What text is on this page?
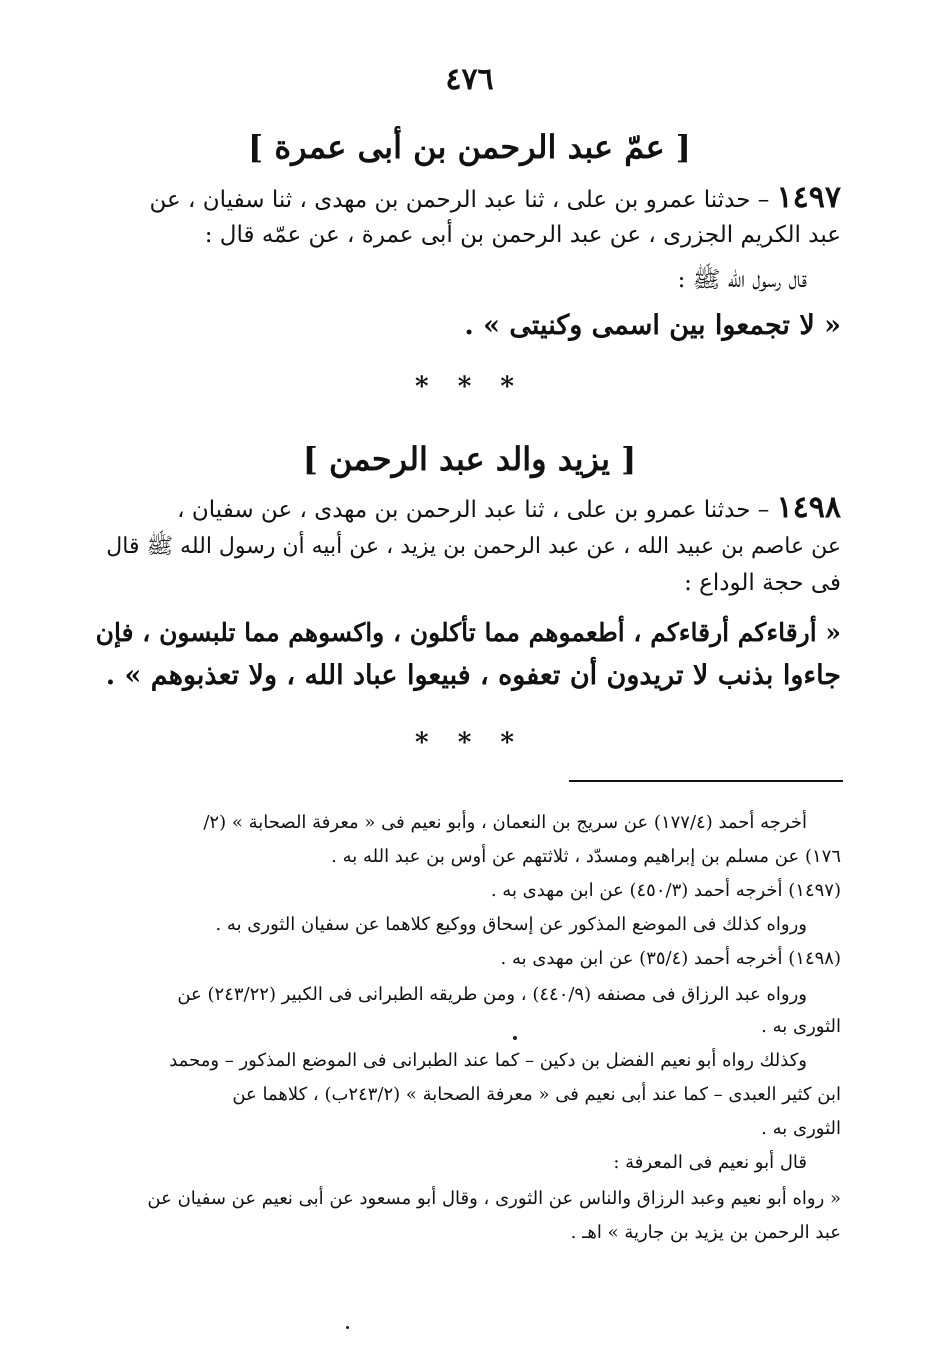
٤٧٦
[ عمّ عبد الرحمن بن أبى عمرة ]
١٤٩٧ – حدثنا عمرو بن على ، ثنا عبد الرحمن بن مهدى ، ثنا سفيان ، عن
عبد الكريم الجزرى ، عن عبد الرحمن بن أبى عمرة ، عن عمّه قال :
قال رسول الله ﷺ :
« لا تجمعوا بين اسمى وكنيتى » .
* * *
[ يزيد والد عبد الرحمن ]
١٤٩٨ – حدثنا عمرو بن على ، ثنا عبد الرحمن بن مهدى ، عن سفيان ،
عن عاصم بن عبيد الله ، عن عبد الرحمن بن يزيد ، عن أبيه أن رسول الله ﷺ قال
فى حجة الوداع :
« أرقاءكم أرقاءكم ، أطعموهم مما تأكلون ، واكسوهم مما تلبسون ، فإن
جاءوا بذنب لا تريدون أن تعفوه ، فبيعوا عباد الله ، ولا تعذبوهم » .
* * *
أخرجه أحمد (١٧٧/٤) عن سريج بن النعمان ، وأبو نعيم فى « معرفة الصحابة » (٢/
١٧٦) عن مسلم بن إبراهيم ومسدّد ، ثلاثتهم عن أوس بن عبد الله به .
(١٤٩٧) أخرجه أحمد (٤٥٠/٣) عن ابن مهدى به .
ورواه كذلك فى الموضع المذكور عن إسحاق ووكيع كلاهما عن سفيان الثورى به .
(١٤٩٨) أخرجه أحمد (٣٥/٤) عن ابن مهدى به .
ورواه عبد الرزاق فى مصنفه (٤٤٠/٩) ، ومن طريقه الطبرانى فى الكبير (٢٤٣/٢٢) عن
الثورى به .
وكذلك رواه أبو نعيم الفضل بن دكين – كما عند الطبرانى فى الموضع المذكور – ومحمد
ابن كثير العبدى – كما عند أبى نعيم فى « معرفة الصحابة » (٢٤٣/٢ب) ، كلاهما عن
الثورى به .
قال أبو نعيم فى المعرفة :
« رواه أبو نعيم وعبد الرزاق والناس عن الثورى ، وقال أبو مسعود عن أبى نعيم عن سفيان عن
عبد الرحمن بن يزيد بن جارية » اهـ .
